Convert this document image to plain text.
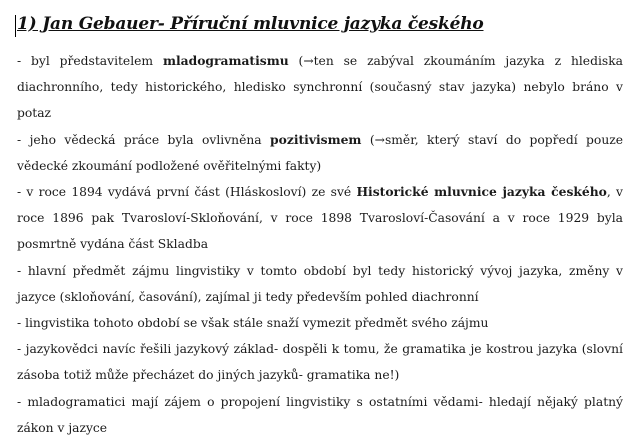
1) Jan Gebauer- Příruční mluvnice jazyka českého

- byl představitelem mladogramatismu (→ten se zabýval zkoumáním jazyka z hlediska diachronního, tedy historického, hledisko synchronní (současný stav jazyka) nebylo bráno v potaz

- jeho vědecká práce byla ovlivněna pozitivismem (→směr, který staví do popředí pouze vědecké zkoumání podložené ověřitelnými fakty)

- v roce 1894 vydává první část (Hláskosloví) ze své Historické mluvnice jazyka českého, v roce 1896 pak Tvarosloví-Skloňování, v roce 1898 Tvarosloví-Časování a v roce 1929 byla posmrtně vydána část Skladba

- hlavní předmět zájmu lingvistiky v tomto období byl tedy historický vývoj jazyka, změny v jazyce (skloňování, časování), zajímal ji tedy především pohled diachronní

- lingvistika tohoto období se však stále snaží vymezit předmět svého zájmu

- jazykovědci navíc řešili jazykový základ- dospěli k tomu, že gramatika je kostrou jazyka (slovní zásoba totiž může přecházet do jiných jazyků- gramatika ne!)

- mladogramatici mají zájem o propojení lingvistiky s ostatními vědami- hledají nějaký platný zákon v jazyce
